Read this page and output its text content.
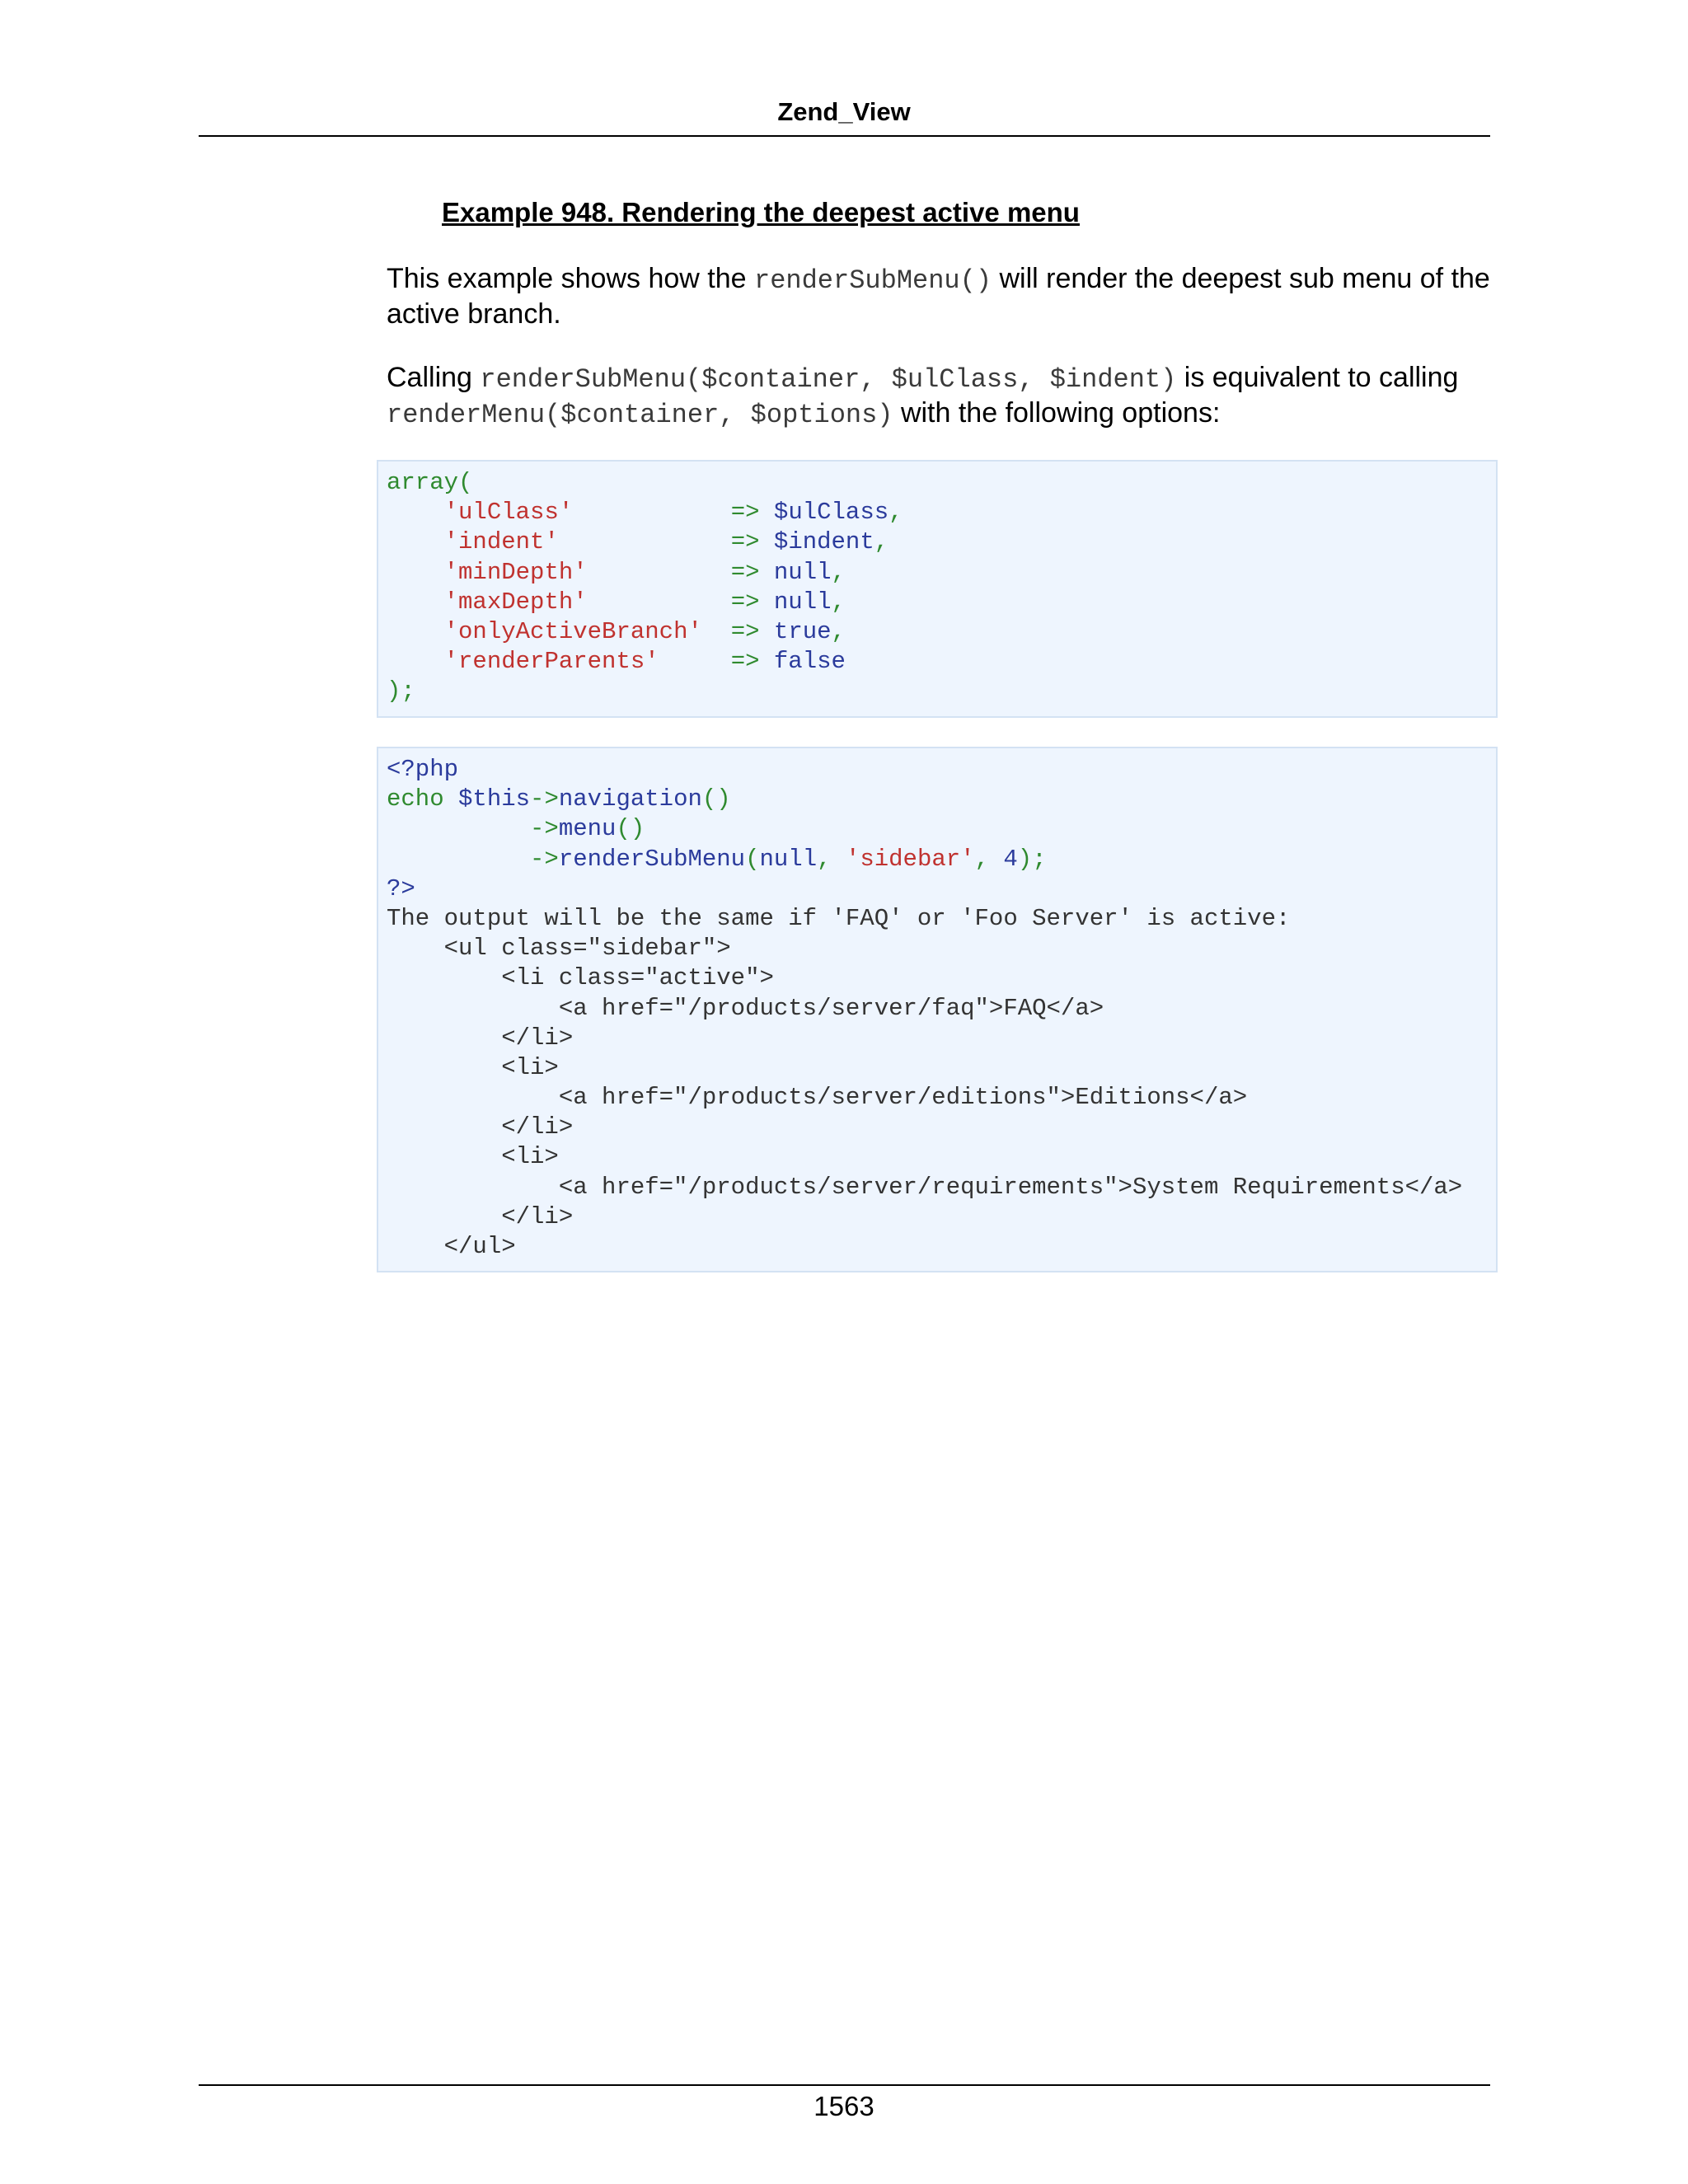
Zend_View
Example 948. Rendering the deepest active menu
This example shows how the renderSubMenu() will render the deepest sub menu of the active branch.
Calling renderSubMenu($container, $ulClass, $indent) is equivalent to calling renderMenu($container, $options) with the following options:
array(
'ulClass'	=> $ulClass,
'indent'	=> $indent,
'minDepth'	=> null,
'maxDepth'	=> null,
'onlyActiveBranch' => true,
'renderParents'	=> false
);
<?php
echo $this->navigation()
->menu()
->renderSubMenu(null, 'sidebar', 4);
?>
The output will be the same if 'FAQ' or 'Foo Server' is active:
<ul class="sidebar">
<li class="active">
<a href="/products/server/faq">FAQ</a>
</li>
<li>
<a href="/products/server/editions">Editions</a>
</li>
<li>
<a href="/products/server/requirements">System Requirements</a>
</li>
</ul>
1563
